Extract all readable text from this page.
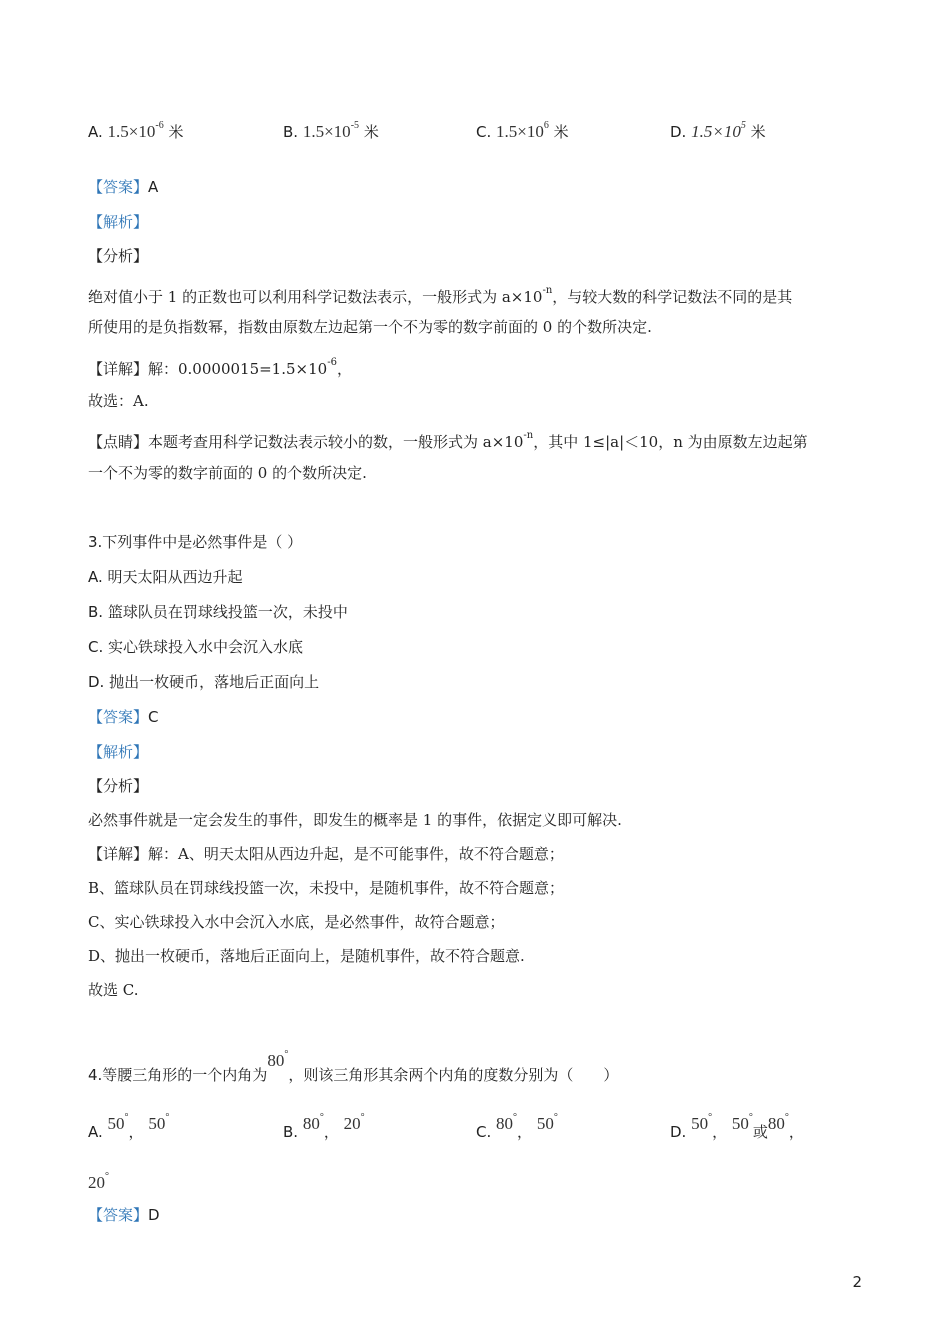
A. $1.5\times 10^{-6}$ 米	B. $1.5\times 10^{-5}$ 米	C. $1.5\times 10^6$ 米	D. $1.5\times 10^5$ 米
【答案】A
【解析】
【分析】
绝对值小于 1 的正数也可以利用科学记数法表示，一般形式为 $a\times 10^{-n}$，与较大数的科学记数法不同的是其
所使用的是负指数幂，指数由原数左边起第一个不为零的数字前面的 0 的个数所决定.
【详解】解：$0.0000015=1.5\times 10^{-6}$，
故选：A.
【点睛】本题考查用科学记数法表示较小的数，一般形式为 $a\times 10^{-n}$，其中 1≤|a|＜10，n 为由原数左边起第
一个不为零的数字前面的 0 的个数所决定.
3.下列事件中是必然事件是（ ）
A. 明天太阳从西边升起
B. 篮球队员在罚球线投篮一次，未投中
C. 实心铁球投入水中会沉入水底
D. 抛出一枚硬币，落地后正面向上
【答案】C
【解析】
【分析】
必然事件就是一定会发生的事件，即发生的概率是 1 的事件，依据定义即可解决.
【详解】解：A、明天太阳从西边升起，是不可能事件，故不符合题意；
B、篮球队员在罚球线投篮一次，未投中，是随机事件，故不符合题意；
C、实心铁球投入水中会沉入水底，是必然事件，故符合题意；
D、抛出一枚硬币，落地后正面向上，是随机事件，故不符合题意.
故选 C.
4.等腰三角形的一个内角为80°，则该三角形其余两个内角的度数分别为（　　）
A. 50°， 50°
B. 80°， 20°
C. 80°， 50°
D. 50°， 50°或80°，
20°
【答案】D
2
